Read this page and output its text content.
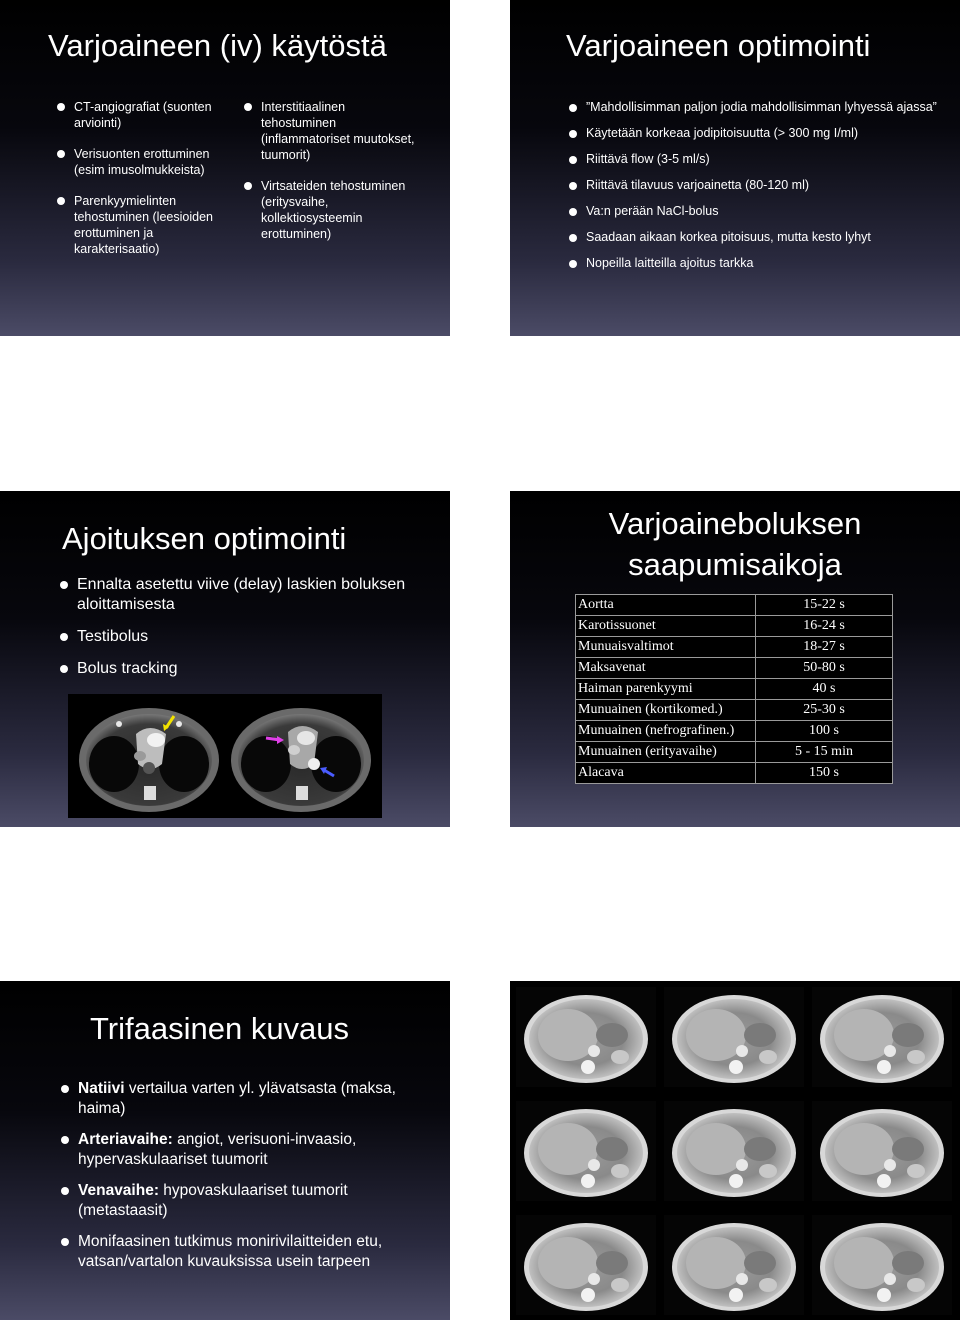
Varjoaineen (iv) käytöstä
CT-angiografiat (suonten arviointi)
Verisuonten erottuminen (esim imusolmukkeista)
Parenkyymielinten tehostuminen (leesioiden erottuminen ja karakterisaatio)
Interstitiaalinen tehostuminen (inflammatoriset muutokset, tuumorit)
Virtsateiden tehostuminen (eritysvaihe, kollektiosysteemin erottuminen)
Varjoaineen optimointi
”Mahdollisimman paljon jodia mahdollisimman lyhyessä ajassa”
Käytetään korkeaa jodipitoisuutta (> 300 mg I/ml)
Riittävä flow (3-5 ml/s)
Riittävä tilavuus varjoainetta (80-120 ml)
Va:n perään NaCl-bolus
Saadaan aikaan korkea pitoisuus, mutta kesto lyhyt
Nopeilla laitteilla ajoitus tarkka
Ajoituksen optimointi
Ennalta asetettu viive (delay) laskien boluksen aloittamisesta
Testibolus
Bolus tracking
Varjoaineboluksen saapumisaikoja
Aortta	15-22 s
Karotissuonet	16-24 s
Munuaisvaltimot	18-27 s
Maksavenat	50-80 s
Haiman parenkyymi	40 s
Munuainen (kortikomed.)	25-30 s
Munuainen (nefrografinen.)	100 s
Munuainen (erityavaihe)	5 - 15 min
Alacava	150 s
Trifaasinen kuvaus
Natiivi vertailua varten yl. ylävatsasta (maksa, haima)
Arteriavaihe: angiot, verisuoni-invaasio, hypervaskulaariset tuumorit
Venavaihe: hypovaskulaariset tuumorit (metastaasit)
Monifaasinen tutkimus monirivilaitteiden etu, vatsan/vartalon kuvauksissa usein tarpeen
